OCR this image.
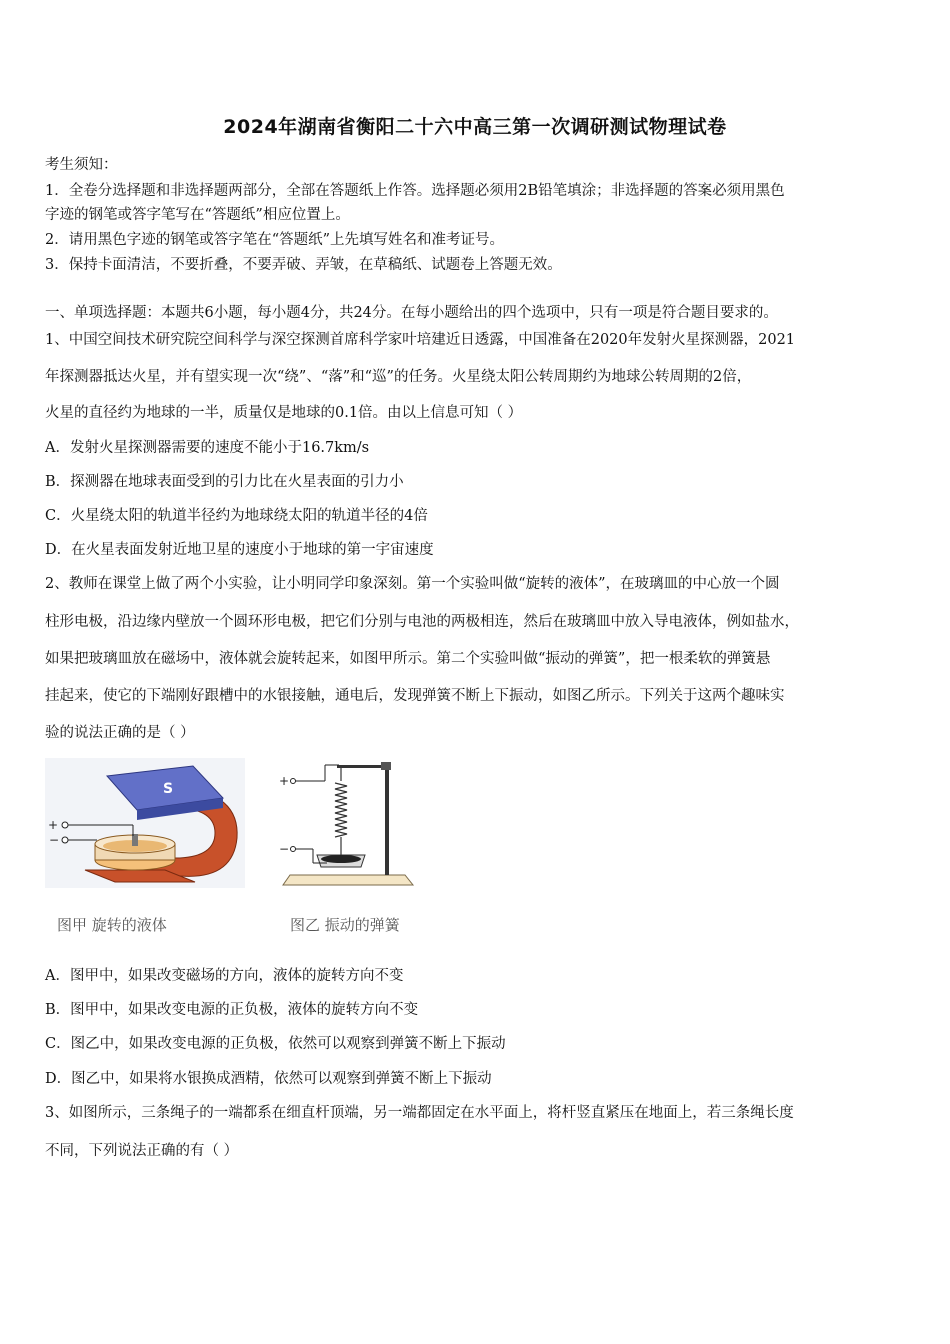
2024年湖南省衡阳二十六中高三第一次调研测试物理试卷
考生须知：
1．全卷分选择题和非选择题两部分，全部在答题纸上作答。选择题必须用2B铅笔填涂；非选择题的答案必须用黑色
字迹的钢笔或答字笔写在“答题纸”相应位置上。
2．请用黑色字迹的钢笔或答字笔在“答题纸”上先填写姓名和准考证号。
3．保持卡面清洁，不要折叠，不要弄破、弄皱，在草稿纸、试题卷上答题无效。
一、单项选择题：本题共6小题，每小题4分，共24分。在每小题给出的四个选项中，只有一项是符合题目要求的。
1、中国空间技术研究院空间科学与深空探测首席科学家叶培建近日透露，中国准备在2020年发射火星探测器，2021
年探测器抵达火星，并有望实现一次“绕”、“落”和“巡”的任务。火星绕太阳公转周期约为地球公转周期的2倍，
火星的直径约为地球的一半，质量仅是地球的0.1倍。由以上信息可知（ ）
A．发射火星探测器需要的速度不能小于16.7km/s
B．探测器在地球表面受到的引力比在火星表面的引力小
C．火星绕太阳的轨道半径约为地球绕太阳的轨道半径的4倍
D．在火星表面发射近地卫星的速度小于地球的第一宇宙速度
2、教师在课堂上做了两个小实验，让小明同学印象深刻。第一个实验叫做“旋转的液体”，在玻璃皿的中心放一个圆
柱形电极，沿边缘内壁放一个圆环形电极，把它们分别与电池的两极相连，然后在玻璃皿中放入导电液体，例如盐水，
如果把玻璃皿放在磁场中，液体就会旋转起来，如图甲所示。第二个实验叫做“振动的弹簧”，把一根柔软的弹簧悬
挂起来，使它的下端刚好跟槽中的水银接触，通电后，发现弹簧不断上下振动，如图乙所示。下列关于这两个趣味实
验的说法正确的是（ ）
S
+
−
+
−
图甲 旋转的液体	图乙 振动的弹簧
A．图甲中，如果改变磁场的方向，液体的旋转方向不变
B．图甲中，如果改变电源的正负极，液体的旋转方向不变
C．图乙中，如果改变电源的正负极，依然可以观察到弹簧不断上下振动
D．图乙中，如果将水银换成酒精，依然可以观察到弹簧不断上下振动
3、如图所示，三条绳子的一端都系在细直杆顶端，另一端都固定在水平面上，将杆竖直紧压在地面上，若三条绳长度
不同，下列说法正确的有（ ）
